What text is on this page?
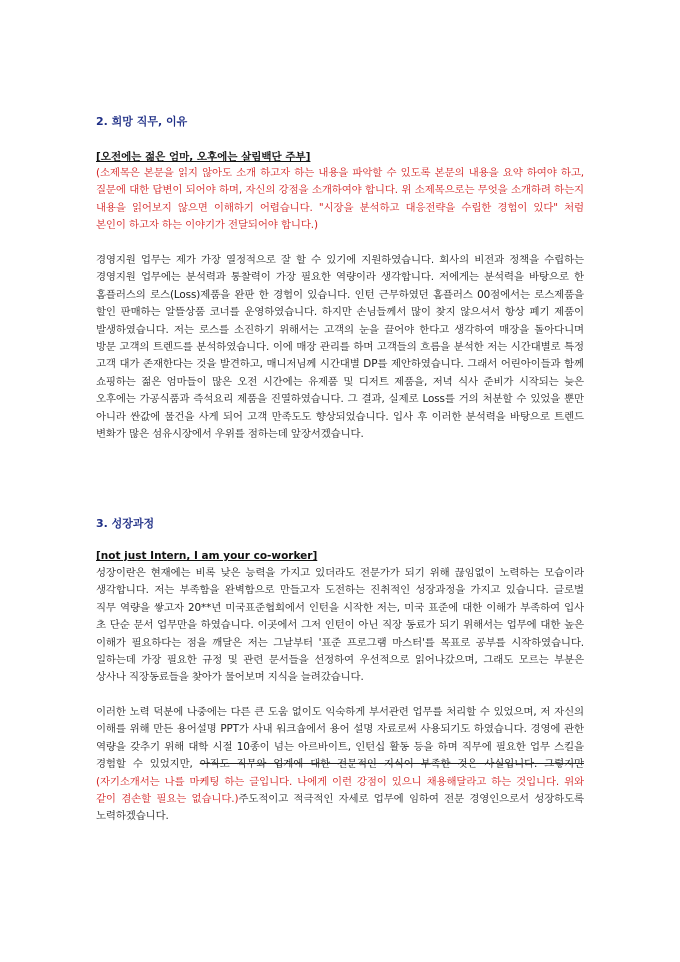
2. 희망 직무, 이유
[오전에는 젊은 엄마, 오후에는 살림백단 주부]
(소제목은 본문을 읽지 않아도 소개 하고자 하는 내용을 파악할 수 있도록 본문의 내용을 요약 하여야 하고, 질문에 대한 답변이 되어야 하며, 자신의 강점을 소개하여야 합니다. 위 소제목으로는 무엇을 소개하려 하는지 내용을 읽어보지 않으면 이해하기 어렵습니다. "시장을 분석하고 대응전략을 수립한 경험이 있다" 처럼 본인이 하고자 하는 이야기가 전달되어야 합니다.)
경영지원 업무는 제가 가장 열정적으로 잘 할 수 있기에 지원하였습니다. 회사의 비전과 정책을 수립하는 경영지원 업무에는 분석력과 통찰력이 가장 필요한 역량이라 생각합니다. 저에게는 분석력을 바탕으로 한 홈플러스의 로스(Loss)제품을 완판 한 경험이 있습니다. 인턴 근무하였던 홈플러스 00점에서는 로스제품을 할인 판매하는 알뜰상품 코너를 운영하였습니다. 하지만 손님들께서 많이 찾지 않으셔서 항상 폐기 제품이 발생하였습니다. 저는 로스를 소진하기 위해서는 고객의 눈을 끌어야 한다고 생각하여 매장을 돌아다니며 방문 고객의 트렌드를 분석하였습니다. 이에 매장 관리를 하며 고객들의 흐름을 분석한 저는 시간대별로 특정 고객 대가 존재한다는 것을 발견하고, 매니저님께 시간대별 DP를 제안하였습니다. 그래서 어린아이들과 함께 쇼핑하는 젊은 엄마들이 많은 오전 시간에는 유제품 및 디저트 제품을, 저녁 식사 준비가 시작되는 늦은 오후에는 가공식품과 즉석요리 제품을 진열하였습니다. 그 결과, 실제로 Loss를 거의 처분할 수 있었을 뿐만 아니라 싼값에 물건을 사게 되어 고객 만족도도 향상되었습니다. 입사 후 이러한 분석력을 바탕으로 트렌드 변화가 많은 섬유시장에서 우위를 점하는데 앞장서겠습니다.
3. 성장과정
[not just Intern, I am your co-worker]
성장이란은 현재에는 비록 낮은 능력을 가지고 있더라도 전문가가 되기 위해 끊임없이 노력하는 모습이라 생각합니다. 저는 부족함을 완벽함으로 만들고자 도전하는 진취적인 성장과정을 가지고 있습니다. 글로벌 직무 역량을 쌓고자 20**년 미국표준협회에서 인턴을 시작한 저는, 미국 표준에 대한 이해가 부족하여 입사 초 단순 문서 업무만을 하였습니다. 이곳에서 그저 인턴이 아닌 직장 동료가 되기 위해서는 업무에 대한 높은 이해가 필요하다는 점을 깨달은 저는 그날부터 '표준 프로그램 마스터'를 목표로 공부를 시작하였습니다. 일하는데 가장 필요한 규정 및 관련 문서들을 선정하여 우선적으로 읽어나갔으며, 그래도 모르는 부분은 상사나 직장동료들을 찾아가 물어보며 지식을 늘려갔습니다.
이러한 노력 덕분에 나중에는 다른 큰 도움 없이도 익숙하게 부서관련 업무를 처리할 수 있었으며, 저 자신의 이해를 위해 만든 용어설명 PPT가 사내 워크숍에서 용어 설명 자료로써 사용되기도 하였습니다. 경영에 관한 역량을 갖추기 위해 대학 시절 10종이 넘는 아르바이트, 인턴십 활동 등을 하며 직무에 필요한 업무 스킬을 경험할 수 있었지만, 아직도 직무와 업계에 대한 전문적인 지식이 부족한 것은 사실입니다. 그렇지만 (자기소개서는 나를 마케팅 하는 글입니다. 나에게 이런 강점이 있으니 채용해달라고 하는 것입니다. 위와 같이 겸손할 필요는 없습니다.)주도적이고 적극적인 자세로 업무에 임하여 전문 경영인으로서 성장하도록 노력하겠습니다.
